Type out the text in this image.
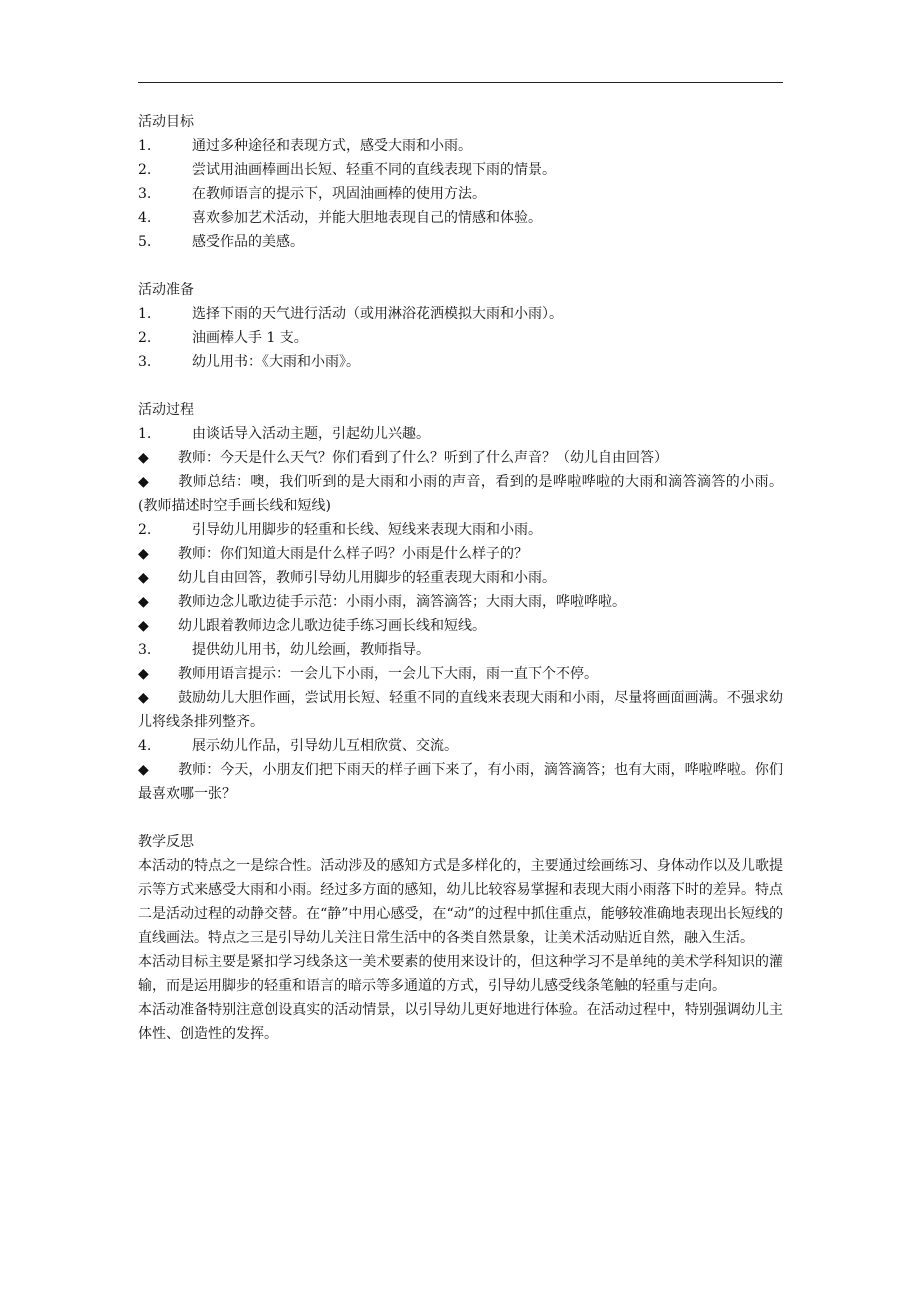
活动目标

1.	通过多种途径和表现方式，感受大雨和小雨。
2.	尝试用油画棒画出长短、轻重不同的直线表现下雨的情景。
3.	在教师语言的提示下，巩固油画棒的使用方法。
4.	喜欢参加艺术活动，并能大胆地表现自己的情感和体验。
5.	感受作品的美感。

活动准备

1.	选择下雨的天气进行活动（或用淋浴花洒模拟大雨和小雨）。
2.	油画棒人手 1 支。
3.	幼儿用书：《大雨和小雨》。

活动过程

1.	由谈话导入活动主题，引起幼儿兴趣。

◆ 教师：今天是什么天气？你们看到了什么？听到了什么声音？（幼儿自由回答）

◆ 教师总结：噢，我们听到的是大雨和小雨的声音，看到的是哗啦哗啦的大雨和滴答滴答的小雨。(教师描述时空手画长线和短线)

2.	引导幼儿用脚步的轻重和长线、短线来表现大雨和小雨。

◆ 教师：你们知道大雨是什么样子吗？小雨是什么样子的？

◆ 幼儿自由回答，教师引导幼儿用脚步的轻重表现大雨和小雨。

◆ 教师边念儿歌边徒手示范：小雨小雨，滴答滴答；大雨大雨，哗啦哗啦。

◆ 幼儿跟着教师边念儿歌边徒手练习画长线和短线。

3.	提供幼儿用书，幼儿绘画，教师指导。

◆ 教师用语言提示：一会儿下小雨，一会儿下大雨，雨一直下个不停。

◆ 鼓励幼儿大胆作画，尝试用长短、轻重不同的直线来表现大雨和小雨，尽量将画面画满。不强求幼儿将线条排列整齐。

4.	展示幼儿作品，引导幼儿互相欣赏、交流。

◆ 教师：今天，小朋友们把下雨天的样子画下来了，有小雨，滴答滴答；也有大雨，哗啦哗啦。你们最喜欢哪一张？

教学反思

本活动的特点之一是综合性。活动涉及的感知方式是多样化的，主要通过绘画练习、身体动作以及儿歌提示等方式来感受大雨和小雨。经过多方面的感知，幼儿比较容易掌握和表现大雨小雨落下时的差异。特点二是活动过程的动静交替。在“静”中用心感受，在“动”的过程中抓住重点，能够较准确地表现出长短线的直线画法。特点之三是引导幼儿关注日常生活中的各类自然景象，让美术活动贴近自然，融入生活。

本活动目标主要是紧扣学习线条这一美术要素的使用来设计的，但这种学习不是单纯的美术学科知识的灌输，而是运用脚步的轻重和语言的暗示等多通道的方式，引导幼儿感受线条笔触的轻重与走向。

本活动准备特别注意创设真实的活动情景，以引导幼儿更好地进行体验。在活动过程中，特别强调幼儿主体性、创造性的发挥。
